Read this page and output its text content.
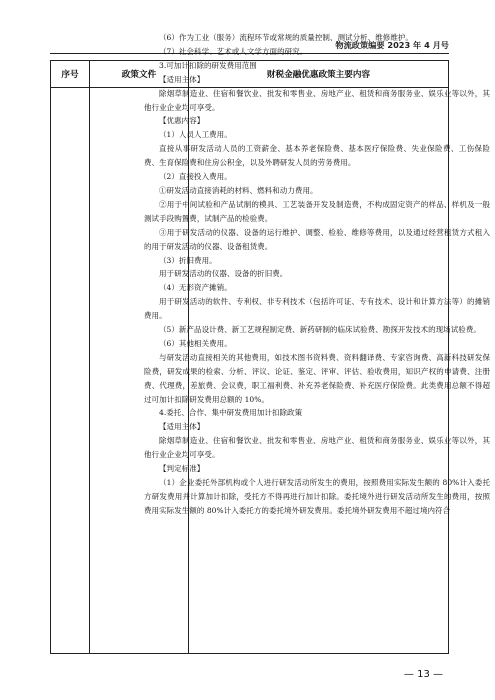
物流政策编要 2023 年 4 月号
序号	政策文件	财税金融优惠政策主要内容

（6）作为工业（服务）流程环节或常规的质量控制、测试分析、维修维护。

（7）社会科学、艺术或人文学方面的研究。

3.可加计扣除的研发费用范围

【适用主体】

除烟草制造业、住宿和餐饮业、批发和零售业、房地产业、租赁和商务服务业、娱乐业等以外，其他行业企业均可享受。

【优惠内容】

（1）人员人工费用。

直接从事研发活动人员的工资薪金、基本养老保险费、基本医疗保险费、失业保险费、工伤保险费、生育保险费和住房公积金，以及外聘研发人员的劳务费用。

（2）直接投入费用。

①研发活动直接消耗的材料、燃料和动力费用。

②用于中间试验和产品试制的模具、工艺装备开发及制造费，不构成固定资产的样品、样机及一般测试手段购置费，试制产品的检验费。

③用于研发活动的仪器、设备的运行维护、调整、检验、维修等费用，以及通过经营租赁方式租入的用于研发活动的仪器、设备租赁费。

（3）折旧费用。

用于研发活动的仪器、设备的折旧费。

（4）无形资产摊销。

用于研发活动的软件、专利权、非专利技术（包括许可证、专有技术、设计和计算方法等）的摊销费用。

（5）新产品设计费、新工艺规程制定费、新药研制的临床试验费、勘探开发技术的现场试验费。

（6）其他相关费用。

与研发活动直接相关的其他费用，如技术图书资料费、资料翻译费、专家咨询费、高新科技研发保险费，研发成果的检索、分析、评议、论证、鉴定、评审、评估、验收费用，知识产权的申请费、注册费、代理费，差旅费、会议费，职工福利费、补充养老保险费、补充医疗保险费。此类费用总额不得超过可加计扣除研发费用总额的 10%。

4.委托、合作、集中研发费用加计扣除政策

【适用主体】

除烟草制造业、住宿和餐饮业、批发和零售业、房地产业、租赁和商务服务业、娱乐业等以外，其他行业企业均可享受。

【判定标准】

（1）企业委托外部机构或个人进行研发活动所发生的费用，按照费用实际发生额的 80%计入委托方研发费用并计算加计扣除，受托方不得再进行加计扣除。委托境外进行研发活动所发生的费用，按照费用实际发生额的 80%计入委托方的委托境外研发费用。委托境外研发费用不超过境内符合

— 13 —
